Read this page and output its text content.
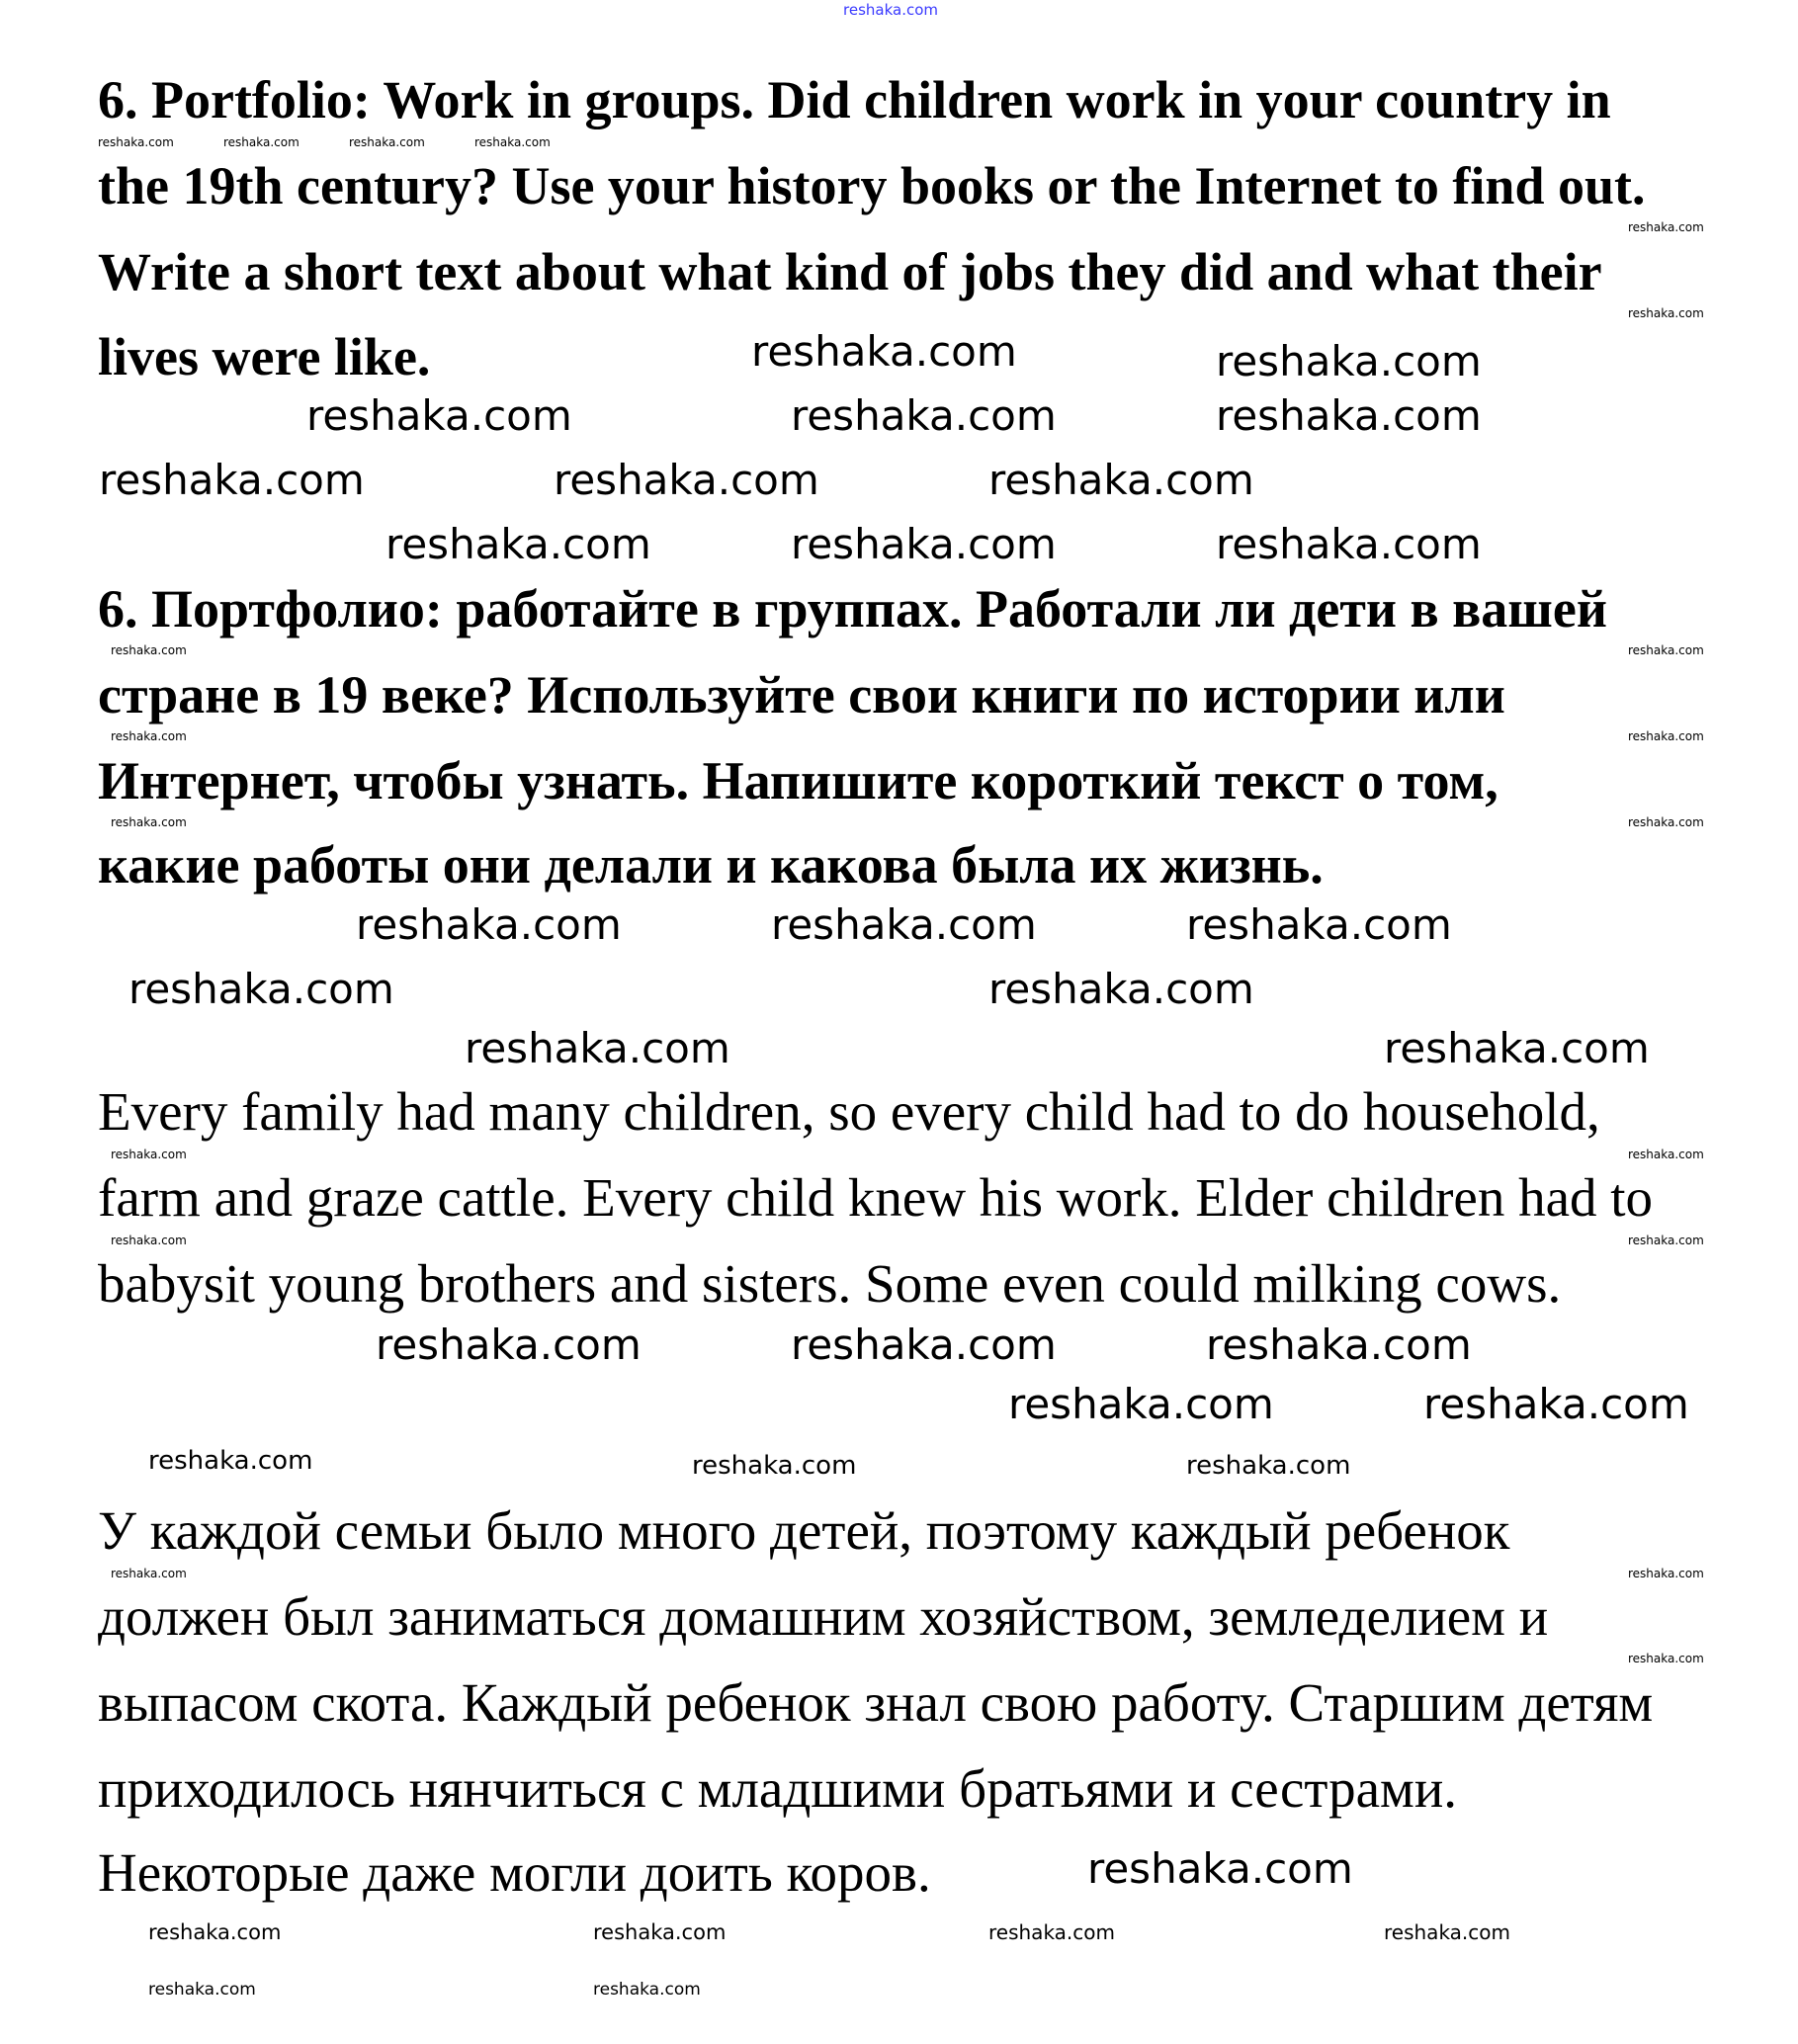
6. Portfolio: Work in groups. Did children work in your country in
the 19th century? Use your history books or the Internet to find out.
Write a short text about what kind of jobs they did and what their
lives were like.
6. Портфолио: работайте в группах. Работали ли дети в вашей
стране в 19 веке? Используйте свои книги по истории или
Интернет, чтобы узнать. Напишите короткий текст о том,
какие работы они делали и какова была их жизнь.
Every family had many children, so every child had to do household,
farm and graze cattle. Every child knew his work. Elder children had to
babysit young brothers and sisters. Some even could milking cows.
У каждой семьи было много детей, поэтому каждый ребенок
должен был заниматься домашним хозяйством, земледелием и
выпасом скота. Каждый ребенок знал свою работу. Старшим детям
приходилось нянчиться с младшими братьями и сестрами.
Некоторые даже могли доить коров.
reshaka.com
reshaka.com	reshaka.com
reshaka.com	reshaka.com	reshaka.com
reshaka.com	reshaka.com	reshaka.com
reshaka.com	reshaka.com	reshaka.com
reshaka.com	reshaka.com	reshaka.com
reshaka.com	reshaka.com
reshaka.com	reshaka.com
reshaka.com	reshaka.com	reshaka.com
reshaka.com	reshaka.com
reshaka.com
reshaka.com	reshaka.com	reshaka.com
reshaka.com	reshaka.com	reshaka.com	reshaka.com
reshaka.com	reshaka.com
reshaka.com	reshaka.com	reshaka.com	reshaka.com
reshaka.com
reshaka.com
reshaka.com
reshaka.com
reshaka.com
reshaka.com
reshaka.com
reshaka.com
reshaka.com
reshaka.com
reshaka.com
reshaka.com
reshaka.com	reshaka.com
reshaka.com
